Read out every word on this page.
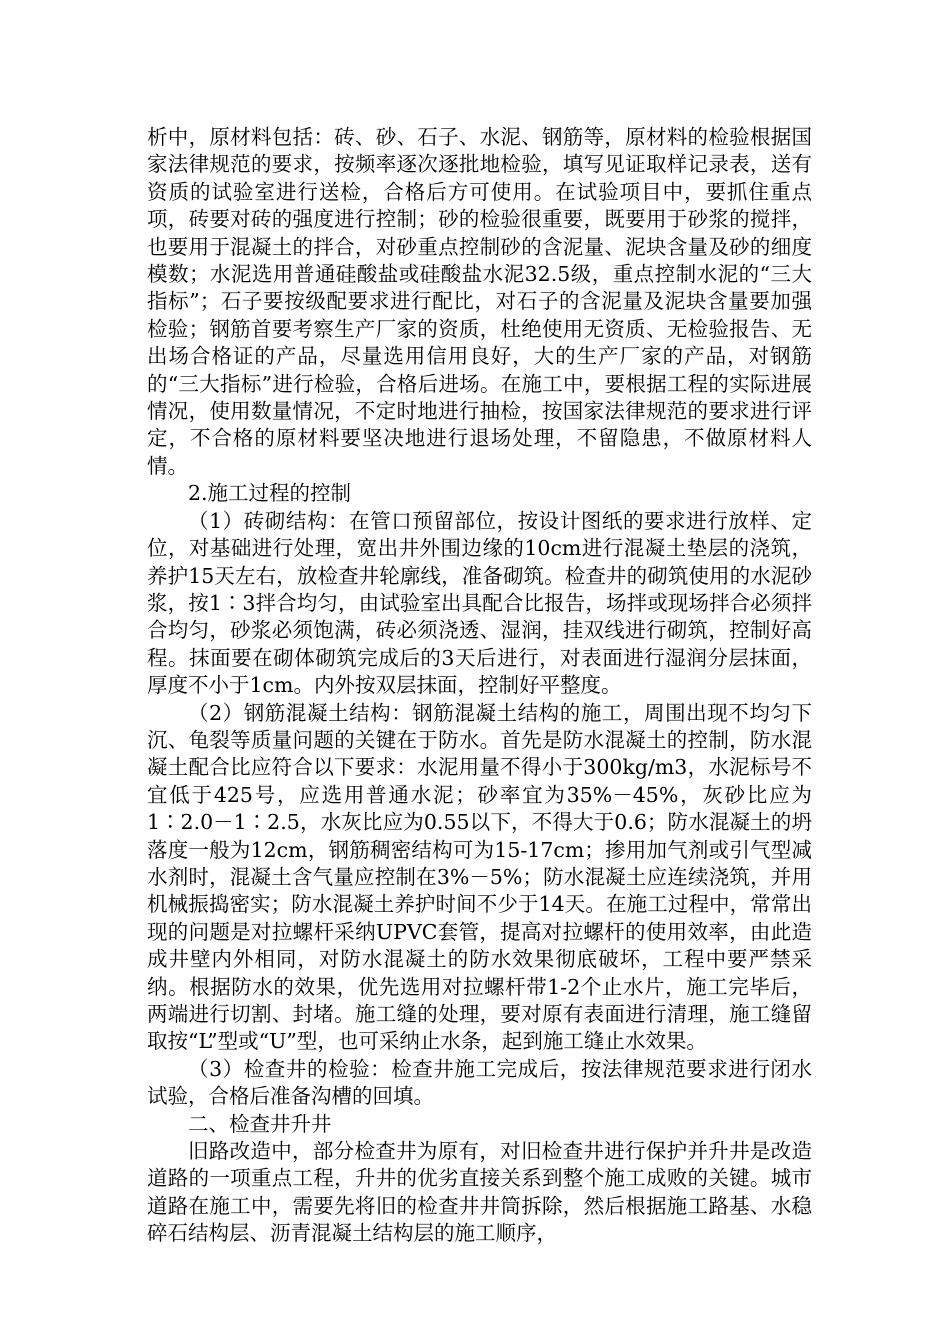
析中，原材料包括：砖、砂、石子、水泥、钢筋等，原材料的检验根据国家法律规范的要求，按频率逐次逐批地检验，填写见证取样记录表，送有资质的试验室进行送检，合格后方可使用。在试验项目中，要抓住重点项，砖要对砖的强度进行控制；砂的检验很重要，既要用于砂浆的搅拌，也要用于混凝土的拌合，对砂重点控制砂的含泥量、泥块含量及砂的细度模数；水泥选用普通硅酸盐或硅酸盐水泥32.5级，重点控制水泥的“三大指标”；石子要按级配要求进行配比，对石子的含泥量及泥块含量要加强检验；钢筋首要考察生产厂家的资质，杜绝使用无资质、无检验报告、无出场合格证的产品，尽量选用信用良好，大的生产厂家的产品，对钢筋的“三大指标”进行检验，合格后进场。在施工中，要根据工程的实际进展情况，使用数量情况，不定时地进行抽检，按国家法律规范的要求进行评定，不合格的原材料要坚决地进行退场处理，不留隐患，不做原材料人情。

2.施工过程的控制

（1）砖砌结构：在管口预留部位，按设计图纸的要求进行放样、定位，对基础进行处理，宽出井外围边缘的10cm进行混凝土垫层的浇筑，养护15天左右，放检查井轮廓线，准备砌筑。检查井的砌筑使用的水泥砂浆，按1∶3拌合均匀，由试验室出具配合比报告，场拌或现场拌合必须拌合均匀，砂浆必须饱满，砖必须浇透、湿润，挂双线进行砌筑，控制好高程。抹面要在砌体砌筑完成后的3天后进行，对表面进行湿润分层抹面，厚度不小于1cm。内外按双层抹面，控制好平整度。

（2）钢筋混凝土结构：钢筋混凝土结构的施工，周围出现不均匀下沉、龟裂等质量问题的关键在于防水。首先是防水混凝土的控制，防水混凝土配合比应符合以下要求：水泥用量不得小于300kg/m3，水泥标号不宜低于425号，应选用普通水泥；砂率宜为35%－45%，灰砂比应为1∶2.0－1∶2.5，水灰比应为0.55以下，不得大于0.6；防水混凝土的坍落度一般为12cm，钢筋稠密结构可为15-17cm；掺用加气剂或引气型减水剂时，混凝土含气量应控制在3%－5%；防水混凝土应连续浇筑，并用机械振捣密实；防水混凝土养护时间不少于14天。在施工过程中，常常出现的问题是对拉螺杆采纳UPVC套管，提高对拉螺杆的使用效率，由此造成井壁内外相同，对防水混凝土的防水效果彻底破坏，工程中要严禁采纳。根据防水的效果，优先选用对拉螺杆带1-2个止水片，施工完毕后，两端进行切割、封堵。施工缝的处理，要对原有表面进行清理，施工缝留取按“L”型或“U”型，也可采纳止水条，起到施工缝止水效果。

（3）检查井的检验：检查井施工完成后，按法律规范要求进行闭水试验，合格后准备沟槽的回填。

二、检查井升井

旧路改造中，部分检查井为原有，对旧检查井进行保护并升井是改造道路的一项重点工程，升井的优劣直接关系到整个施工成败的关键。城市道路在施工中，需要先将旧的检查井井筒拆除，然后根据施工路基、水稳碎石结构层、沥青混凝土结构层的施工顺序，
